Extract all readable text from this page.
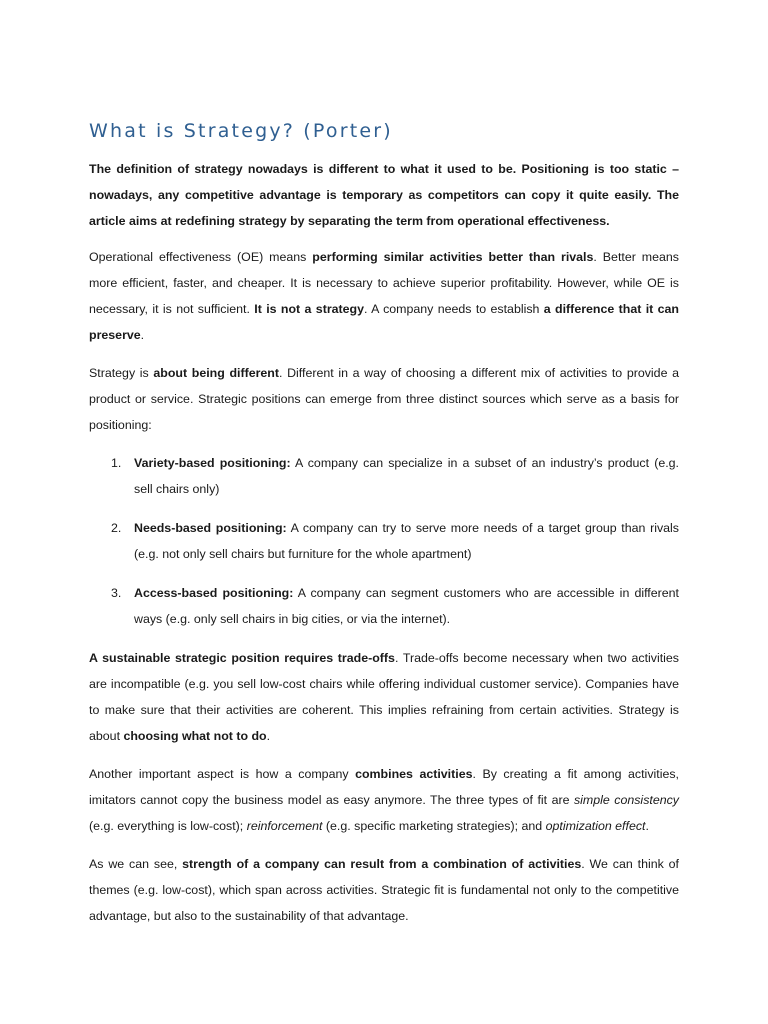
What is Strategy? (Porter)

The definition of strategy nowadays is different to what it used to be. Positioning is too static – nowadays, any competitive advantage is temporary as competitors can copy it quite easily. The article aims at redefining strategy by separating the term from operational effectiveness.

Operational effectiveness (OE) means performing similar activities better than rivals. Better means more efficient, faster, and cheaper. It is necessary to achieve superior profitability. However, while OE is necessary, it is not sufficient. It is not a strategy. A company needs to establish a difference that it can preserve.

Strategy is about being different. Different in a way of choosing a different mix of activities to provide a product or service. Strategic positions can emerge from three distinct sources which serve as a basis for positioning:

1. Variety-based positioning: A company can specialize in a subset of an industry’s product (e.g. sell chairs only)
2. Needs-based positioning: A company can try to serve more needs of a target group than rivals (e.g. not only sell chairs but furniture for the whole apartment)
3. Access-based positioning: A company can segment customers who are accessible in different ways (e.g. only sell chairs in big cities, or via the internet).

A sustainable strategic position requires trade-offs. Trade-offs become necessary when two activities are incompatible (e.g. you sell low-cost chairs while offering individual customer service). Companies have to make sure that their activities are coherent. This implies refraining from certain activities. Strategy is about choosing what not to do.

Another important aspect is how a company combines activities. By creating a fit among activities, imitators cannot copy the business model as easy anymore. The three types of fit are simple consistency (e.g. everything is low-cost); reinforcement (e.g. specific marketing strategies); and optimization effect.

As we can see, strength of a company can result from a combination of activities. We can think of themes (e.g. low-cost), which span across activities. Strategic fit is fundamental not only to the competitive advantage, but also to the sustainability of that advantage.
